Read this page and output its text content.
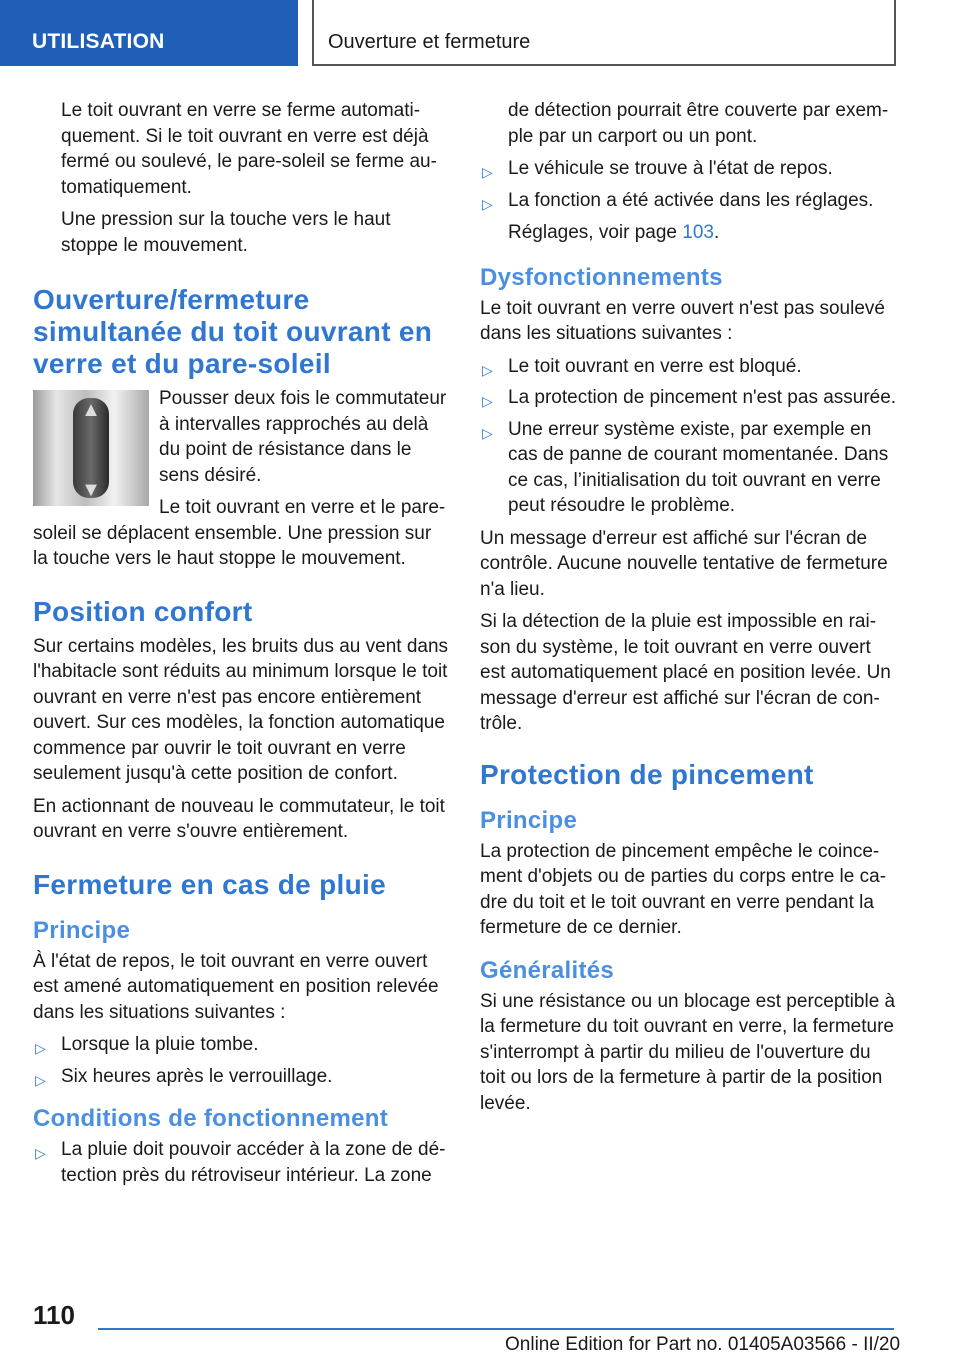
UTILISATION	Ouverture et fermeture

Le toit ouvrant en verre se ferme automatiquement. Si le toit ouvrant en verre est déjà fermé ou soulevé, le pare-soleil se ferme automatiquement.

Une pression sur la touche vers le haut stoppe le mouvement.

Ouverture/fermeture simultanée du toit ouvrant en verre et du pare-soleil
▲
▼

Pousser deux fois le commutateur à intervalles rapprochés au delà du point de résistance dans le sens désiré.

Le toit ouvrant en verre et le pare-soleil se déplacent ensemble. Une pression sur la touche vers le haut stoppe le mouvement.

Position confort

Sur certains modèles, les bruits dus au vent dans l'habitacle sont réduits au minimum lorsque le toit ouvrant en verre n'est pas encore entièrement ouvert. Sur ces modèles, la fonction automatique commence par ouvrir le toit ouvrant en verre seulement jusqu'à cette position de confort.

En actionnant de nouveau le commutateur, le toit ouvrant en verre s'ouvre entièrement.

Fermeture en cas de pluie
Principe

À l'état de repos, le toit ouvrant en verre ouvert est amené automatiquement en position relevée dans les situations suivantes :

▷ Lorsque la pluie tombe.
▷ Six heures après le verrouillage.
Conditions de fonctionnement
▷ La pluie doit pouvoir accéder à la zone de détection près du rétroviseur intérieur. La zone

de détection pourrait être couverte par exemple par un carport ou un pont.

▷ Le véhicule se trouve à l'état de repos.
▷ La fonction a été activée dans les réglages.

Réglages, voir page 103.

Dysfonctionnements

Le toit ouvrant en verre ouvert n'est pas soulevé dans les situations suivantes :

▷ Le toit ouvrant en verre est bloqué.
▷ La protection de pincement n'est pas assurée.
▷ Une erreur système existe, par exemple en cas de panne de courant momentanée. Dans ce cas, l’initialisation du toit ouvrant en verre peut résoudre le problème.

Un message d'erreur est affiché sur l'écran de contrôle. Aucune nouvelle tentative de fermeture n'a lieu.

Si la détection de la pluie est impossible en raison du système, le toit ouvrant en verre ouvert est automatiquement placé en position levée. Un message d'erreur est affiché sur l'écran de contrôle.

Protection de pincement
Principe

La protection de pincement empêche le coincement d'objets ou de parties du corps entre le cadre du toit et le toit ouvrant en verre pendant la fermeture de ce dernier.

Généralités

Si une résistance ou un blocage est perceptible à la fermeture du toit ouvrant en verre, la fermeture s'interrompt à partir du milieu de l'ouverture du toit ou lors de la fermeture à partir de la position levée.

110
Online Edition for Part no. 01405A03566 - II/20
